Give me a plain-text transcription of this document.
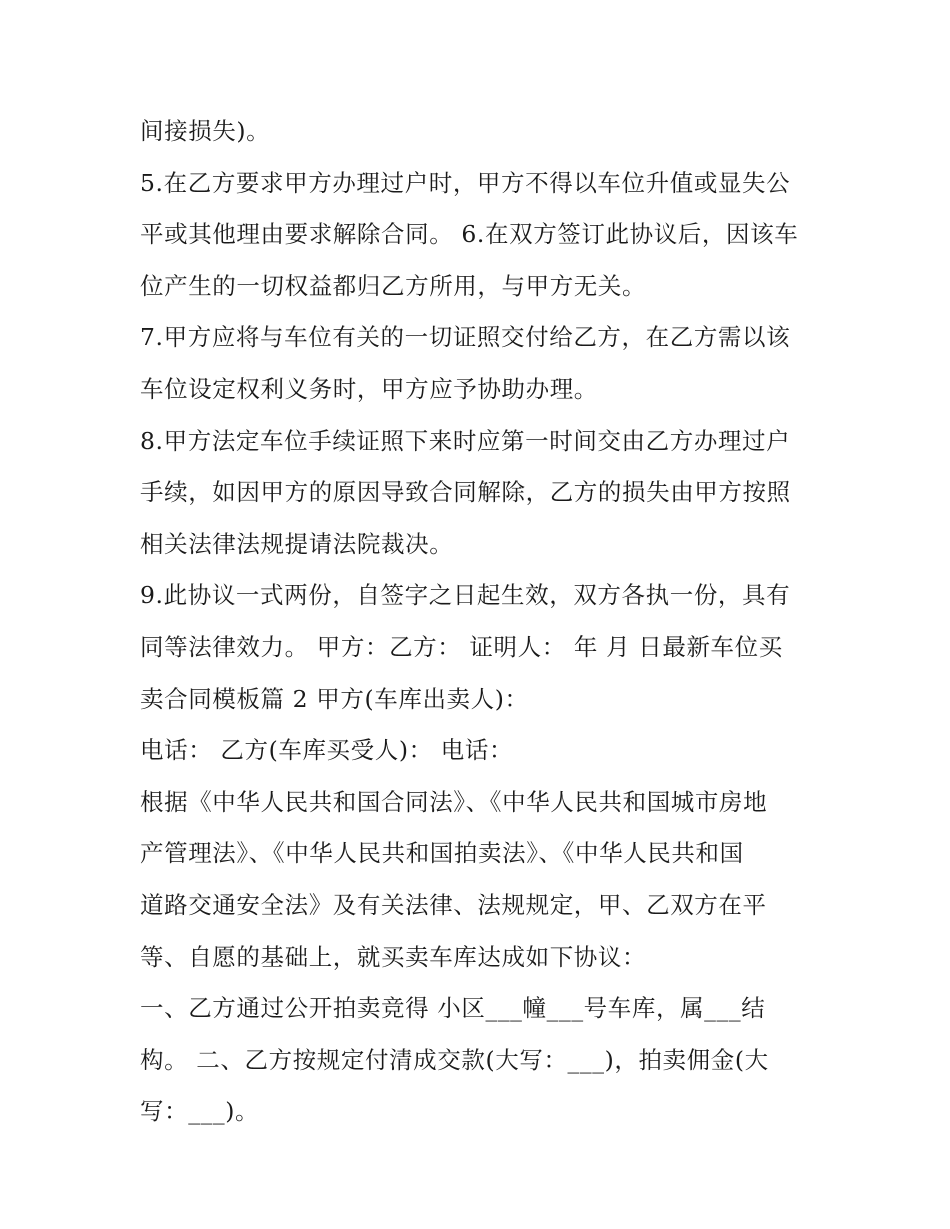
间接损失)。
5.在乙方要求甲方办理过户时，甲方不得以车位升值或显失公
平或其他理由要求解除合同。 6.在双方签订此协议后，因该车
位产生的一切权益都归乙方所用，与甲方无关。
7.甲方应将与车位有关的一切证照交付给乙方，在乙方需以该
车位设定权利义务时，甲方应予协助办理。
8.甲方法定车位手续证照下来时应第一时间交由乙方办理过户
手续，如因甲方的原因导致合同解除，乙方的损失由甲方按照
相关法律法规提请法院裁决。
9.此协议一式两份，自签字之日起生效，双方各执一份，具有
同等法律效力。 甲方：乙方： 证明人： 年 月 日最新车位买
卖合同模板篇 2 甲方(车库出卖人)：
电话： 乙方(车库买受人)： 电话：
根据《中华人民共和国合同法》、《中华人民共和国城市房地
产管理法》、《中华人民共和国拍卖法》、《中华人民共和国
道路交通安全法》及有关法律、法规规定，甲、乙双方在平
等、自愿的基础上，就买卖车库达成如下协议：
一、乙方通过公开拍卖竞得 小区___幢___号车库，属___结
构。 二、乙方按规定付清成交款(大写：___)，拍卖佣金(大
写：___)。
